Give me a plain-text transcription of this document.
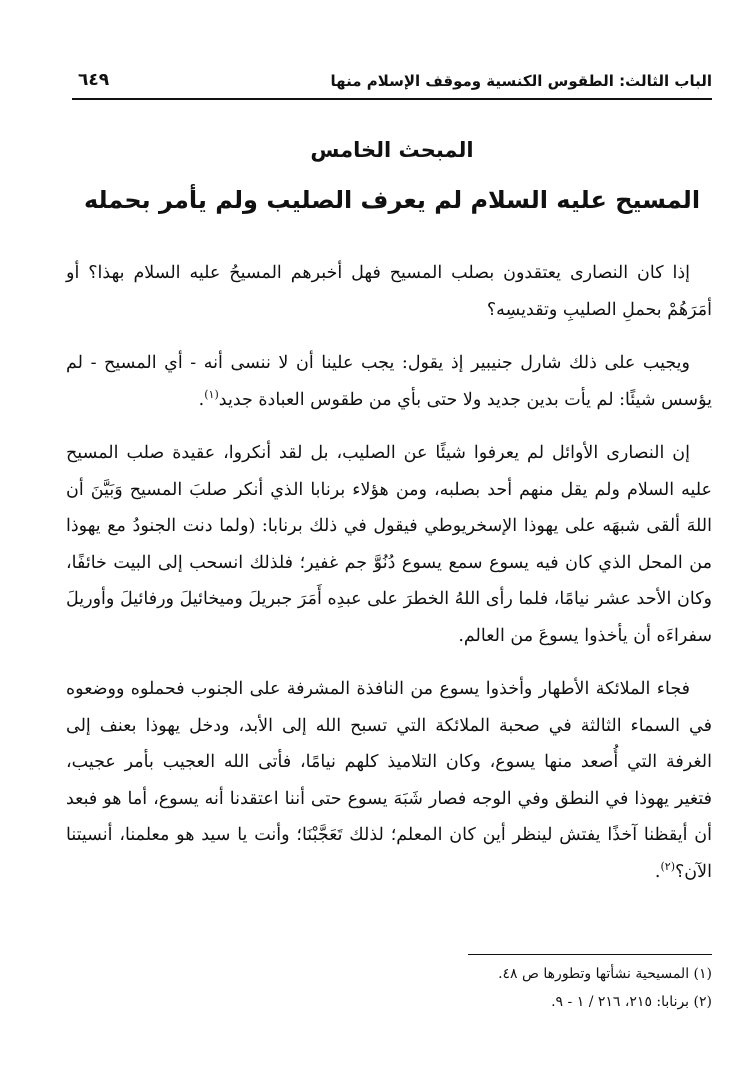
الباب الثالث: الطقوس الكنسية وموقف الإسلام منها
٦٤٩
المبحث الخامس
المسيح عليه السلام لم يعرف الصليب ولم يأمر بحمله

إذا كان النصارى يعتقدون بصلب المسيح فهل أخبرهم المسيحُ عليه السلام بهذا؟ أو أمَرَهُمْ بحملِ الصليبِ وتقديسِه؟

ويجيب على ذلك شارل جنيبير إذ يقول: يجب علينا أن لا ننسى أنه - أي المسيح - لم يؤسس شيئًا: لم يأت بدين جديد ولا حتى بأي من طقوس العبادة جديد$^{(١)}$.

إن النصارى الأوائل لم يعرفوا شيئًا عن الصليب، بل لقد أنكروا، عقيدة صلب المسيح عليه السلام ولم يقل منهم أحد بصلبه، ومن هؤلاء برنابا الذي أنكر صلبَ المسيح وَبَيَّنَ أن اللهَ ألقى شبهَه على يهوذا الإسخريوطي فيقول في ذلك برنابا: (ولما دنت الجنودُ مع يهوذا من المحل الذي كان فيه يسوع سمع يسوع دُنُوَّ جم غفير؛ فلذلك انسحب إلى البيت خائفًا، وكان الأحد عشر نيامًا، فلما رأى اللهُ الخطرَ على عبدِه أَمَرَ جبريلَ وميخائيلَ ورفائيلَ وأوريلَ سفراءَه أن يأخذوا يسوعَ من العالم.

فجاء الملائكة الأطهار وأخذوا يسوع من النافذة المشرفة على الجنوب فحملوه ووضعوه في السماء الثالثة في صحبة الملائكة التي تسبح الله إلى الأبد، ودخل يهوذا بعنف إلى الغرفة التي أُصعد منها يسوع، وكان التلاميذ كلهم نيامًا، فأتى الله العجيب بأمر عجيب، فتغير يهوذا في النطق وفي الوجه فصار شَبَهَ يسوع حتى أننا اعتقدنا أنه يسوع، أما هو فبعد أن أيقظنا آخذًا يفتش لينظر أين كان المعلم؛ لذلك تَعَجَّبْنَا؛ وأنت يا سيد هو معلمنا، أنسيتنا الآن؟$^{(٢)}$.

(١) المسيحية نشأتها وتطورها ص ٤٨.
(٢) برنابا: ٢١٥، ٢١٦ / ١ - ٩.
